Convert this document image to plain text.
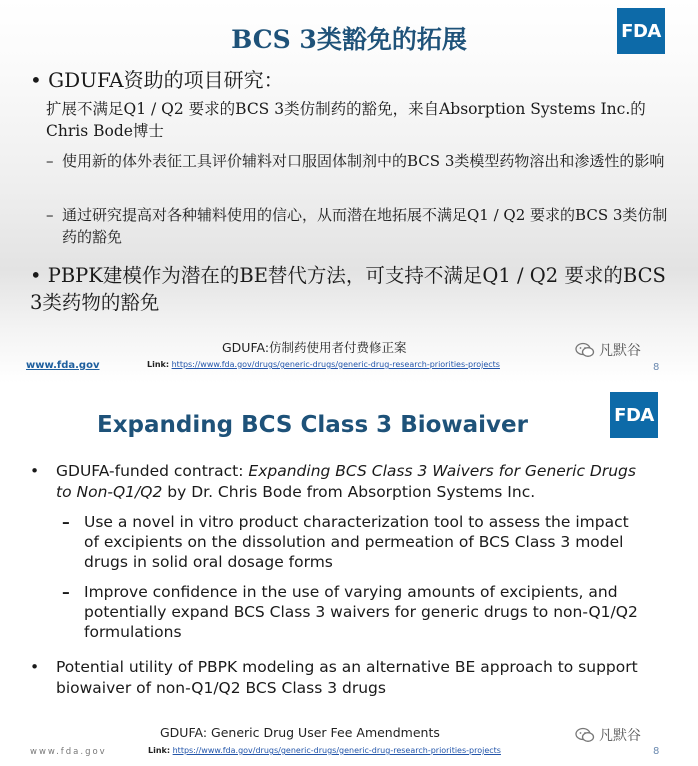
FDA
BCS 3类豁免的拓展
• GDUFA资助的项目研究：
扩展不满足Q1 / Q2 要求的BCS 3类仿制药的豁免，来自Absorption Systems Inc.的Chris Bode博士
– 使用新的体外表征工具评价辅料对口服固体制剂中的BCS 3类模型药物溶出和渗透性的影响
– 通过研究提高对各种辅料使用的信心，从而潜在地拓展不满足Q1 / Q2 要求的BCS 3类仿制药的豁免
• PBPK建模作为潜在的BE替代方法，可支持不满足Q1 / Q2 要求的BCS 3类药物的豁免
GDUFA:仿制药使用者付费修正案
www.fda.gov	Link: https://www.fda.gov/drugs/generic-drugs/generic-drug-research-priorities-projects	8
凡默谷
FDA
Expanding BCS Class 3 Biowaiver
•	GDUFA-funded contract: Expanding BCS Class 3 Waivers for Generic Drugs to Non-Q1/Q2 by Dr. Chris Bode from Absorption Systems Inc.
– Use a novel in vitro product characterization tool to assess the impact of excipients on the dissolution and permeation of BCS Class 3 model drugs in solid oral dosage forms
– Improve confidence in the use of varying amounts of excipients, and potentially expand BCS Class 3 waivers for generic drugs to non-Q1/Q2 formulations
•	Potential utility of PBPK modeling as an alternative BE approach to support biowaiver of non-Q1/Q2 BCS Class 3 drugs
GDUFA: Generic Drug User Fee Amendments
www.fda.gov	Link: https://www.fda.gov/drugs/generic-drugs/generic-drug-research-priorities-projects	8
凡默谷
